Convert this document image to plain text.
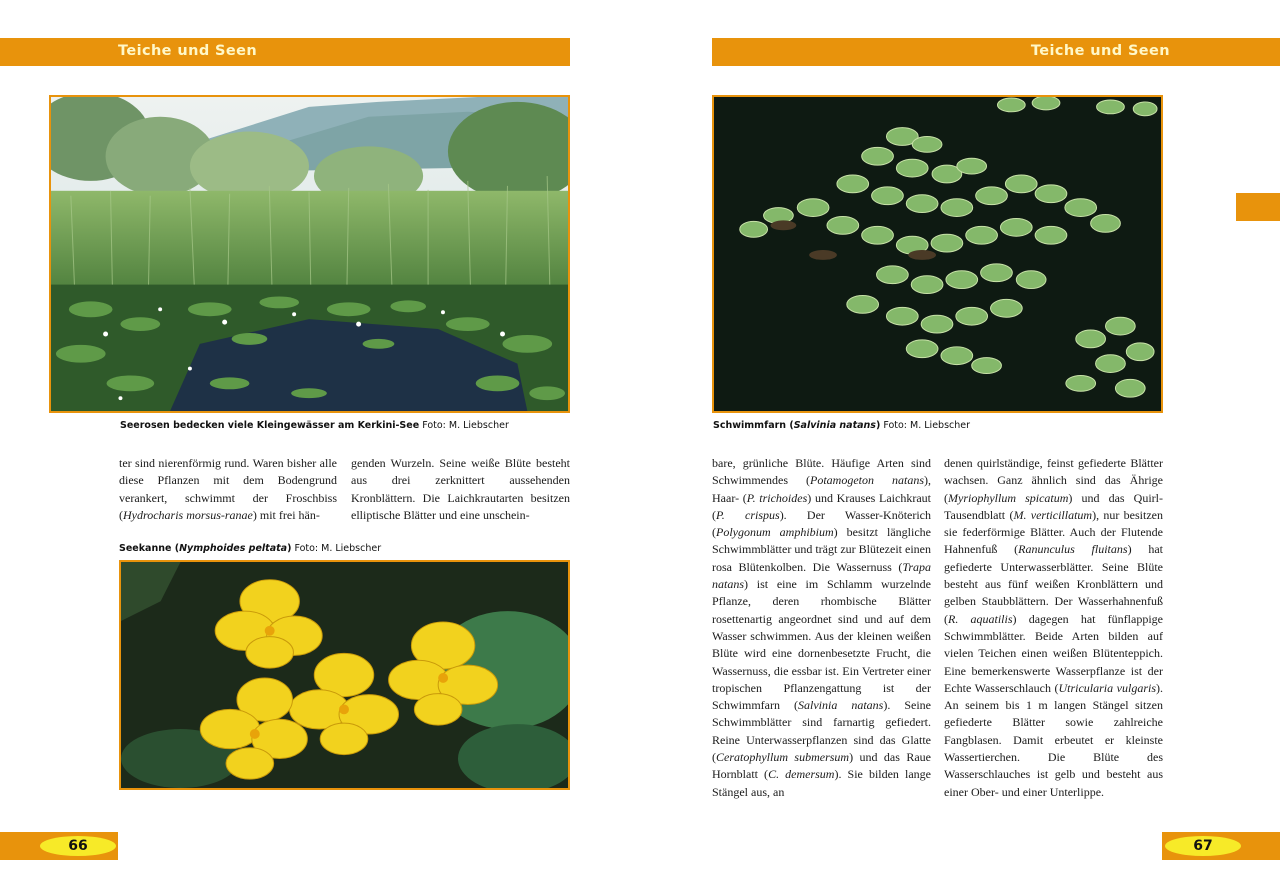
Teiche und Seen	Teiche und Seen
Seerosen bedecken viele Kleingewässer am Kerkini-See Foto: M. Liebscher	Schwimmfarn (Salvinia natans) Foto: M. Liebscher

ter sind nierenförmig rund. Waren bisher alle diese Pflanzen mit dem Bodengrund verankert, schwimmt der Froschbiss (Hydrocharis morsus-ranae) mit frei hän-

genden Wurzeln. Seine weiße Blüte besteht aus drei zerknittert aussehenden Kronblättern. Die Laichkrautarten besitzen elliptische Blätter und eine unschein-

Seekanne (Nymphoides peltata) Foto: M. Liebscher

bare, grünliche Blüte. Häufige Arten sind Schwimmendes (Potamogeton natans), Haar- (P. trichoides) und Krauses Laichkraut (P. crispus). Der Wasser-Knöterich (Polygonum amphibium) besitzt längliche Schwimmblätter und trägt zur Blütezeit einen rosa Blütenkolben. Die Wassernuss (Trapa natans) ist eine im Schlamm wurzelnde Pflanze, deren rhombische Blätter rosettenartig angeordnet sind und auf dem Wasser schwimmen. Aus der kleinen weißen Blüte wird eine dornenbesetzte Frucht, die Wassernuss, die essbar ist. Ein Vertreter einer tropischen Pflanzengattung ist der Schwimmfarn (Salvinia natans). Seine Schwimmblätter sind farnartig gefiedert. Reine Unterwasserpflanzen sind das Glatte (Ceratophyllum submersum) und das Raue Hornblatt (C. demersum). Sie bilden lange Stängel aus, an

denen quirlständige, feinst gefiederte Blätter wachsen. Ganz ähnlich sind das Ährige (Myriophyllum spicatum) und das Quirl-Tausendblatt (M. verticillatum), nur besitzen sie federförmige Blätter. Auch der Flutende Hahnenfuß (Ranunculus fluitans) hat gefiederte Unterwasserblätter. Seine Blüte besteht aus fünf weißen Kronblättern und gelben Staubblättern. Der Wasserhahnenfuß (R. aquatilis) dagegen hat fünflappige Schwimmblätter. Beide Arten bilden auf vielen Teichen einen weißen Blütenteppich. Eine bemerkenswerte Wasserpflanze ist der Echte Wasserschlauch (Utricularia vulgaris). An seinem bis 1 m langen Stängel sitzen gefiederte Blätter sowie zahlreiche Fangblasen. Damit erbeutet er kleinste Wassertierchen. Die Blüte des Wasserschlauches ist gelb und besteht aus einer Ober- und einer Unterlippe.

66	67
